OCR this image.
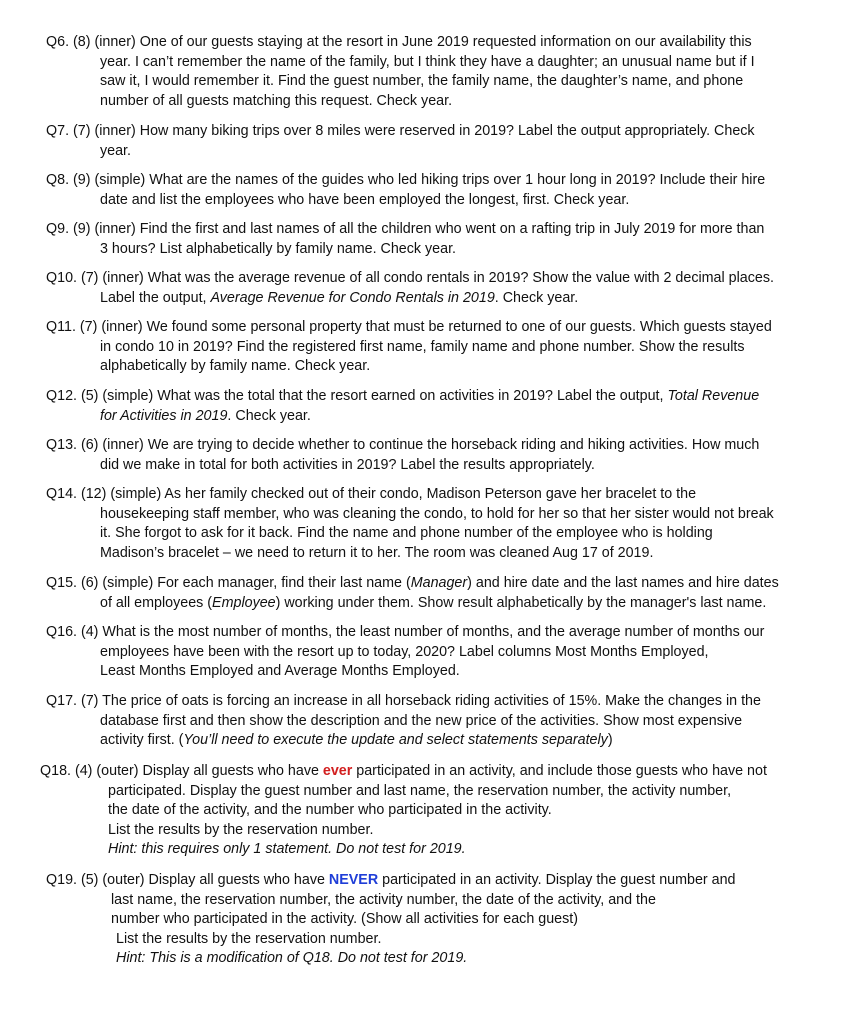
Q6. (8) (inner) One of our guests staying at the resort in June 2019 requested information on our availability this

year. I can’t remember the name of the family, but I think they have a daughter; an unusual name but if I

saw it, I would remember it. Find the guest number, the family name, the daughter’s name, and phone

number of all guests matching this request. Check year.

Q7. (7) (inner) How many biking trips over 8 miles were reserved in 2019? Label the output appropriately. Check

year.

Q8. (9) (simple) What are the names of the guides who led hiking trips over 1 hour long in 2019? Include their hire

date and list the employees who have been employed the longest, first. Check year.

Q9. (9) (inner) Find the first and last names of all the children who went on a rafting trip in July 2019 for more than

3 hours? List alphabetically by family name. Check year.

Q10. (7) (inner) What was the average revenue of all condo rentals in 2019? Show the value with 2 decimal places.

Label the output, Average Revenue for Condo Rentals in 2019. Check year.

Q11. (7) (inner) We found some personal property that must be returned to one of our guests. Which guests stayed

in condo 10 in 2019? Find the registered first name, family name and phone number. Show the results

alphabetically by family name. Check year.

Q12. (5) (simple) What was the total that the resort earned on activities in 2019? Label the output, Total Revenue

for Activities in 2019. Check year.

Q13. (6) (inner) We are trying to decide whether to continue the horseback riding and hiking activities. How much

did we make in total for both activities in 2019? Label the results appropriately.

Q14. (12) (simple) As her family checked out of their condo, Madison Peterson gave her bracelet to the

housekeeping staff member, who was cleaning the condo, to hold for her so that her sister would not break

it. She forgot to ask for it back. Find the name and phone number of the employee who is holding

Madison’s bracelet – we need to return it to her. The room was cleaned Aug 17 of 2019.

Q15. (6) (simple) For each manager, find their last name (Manager) and hire date and the last names and hire dates

of all employees (Employee) working under them. Show result alphabetically by the manager's last name.

Q16. (4) What is the most number of months, the least number of months, and the average number of months our

employees have been with the resort up to today, 2020? Label columns Most Months Employed,

Least Months Employed and Average Months Employed.

Q17. (7) The price of oats is forcing an increase in all horseback riding activities of 15%. Make the changes in the

database first and then show the description and the new price of the activities. Show most expensive

activity first. (You’ll need to execute the update and select statements separately)

Q18. (4) (outer) Display all guests who have ever participated in an activity, and include those guests who have not

participated. Display the guest number and last name, the reservation number, the activity number,

the date of the activity, and the number who participated in the activity.

List the results by the reservation number.

Hint: this requires only 1 statement. Do not test for 2019.

Q19. (5) (outer) Display all guests who have NEVER participated in an activity. Display the guest number and

last name, the reservation number, the activity number, the date of the activity, and the

number who participated in the activity. (Show all activities for each guest)

List the results by the reservation number.

Hint: This is a modification of Q18. Do not test for 2019.
